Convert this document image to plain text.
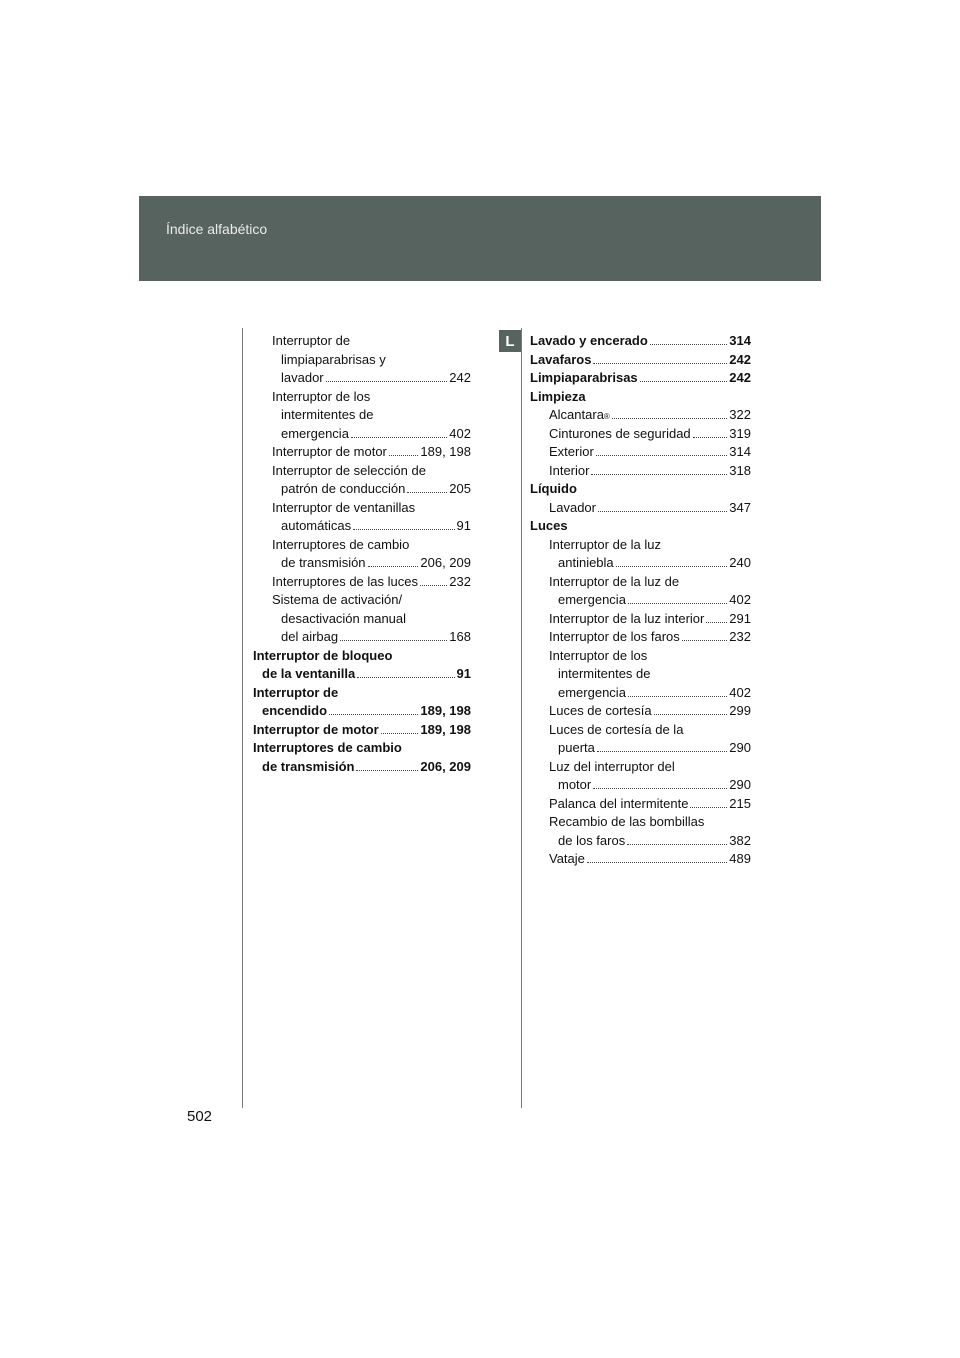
Índice alfabético
L
Interruptor de
limpiaparabrisas y
lavador	242
Interruptor de los
intermitentes de
emergencia	402
Interruptor de motor	189, 198
Interruptor de selección de
patrón de conducción	205
Interruptor de ventanillas
automáticas	91
Interruptores de cambio
de transmisión	206, 209
Interruptores de las luces 232
Sistema de activación/
desactivación manual
del airbag	168
Interruptor de bloqueo
de la ventanilla	91
Interruptor de
encendido	189, 198
Interruptor de motor	189, 198
Interruptores de cambio
de transmisión	206, 209
Lavado y encerado	314
Lavafaros	242
Limpiaparabrisas	242
Limpieza
Alcantara ®	322
Cinturones de seguridad	319
Exterior	314
Interior	318
Líquido
Lavador	347
Luces
Interruptor de la luz
antiniebla	240
Interruptor de la luz de
emergencia	402
Interruptor de la luz interior 291
Interruptor de los faros	232
Interruptor de los
intermitentes de
emergencia	402
Luces de cortesía	299
Luces de cortesía de la
puerta	290
Luz del interruptor del
motor	290
Palanca del intermitente	215
Recambio de las bombillas
de los faros	382
Vataje	489
502
